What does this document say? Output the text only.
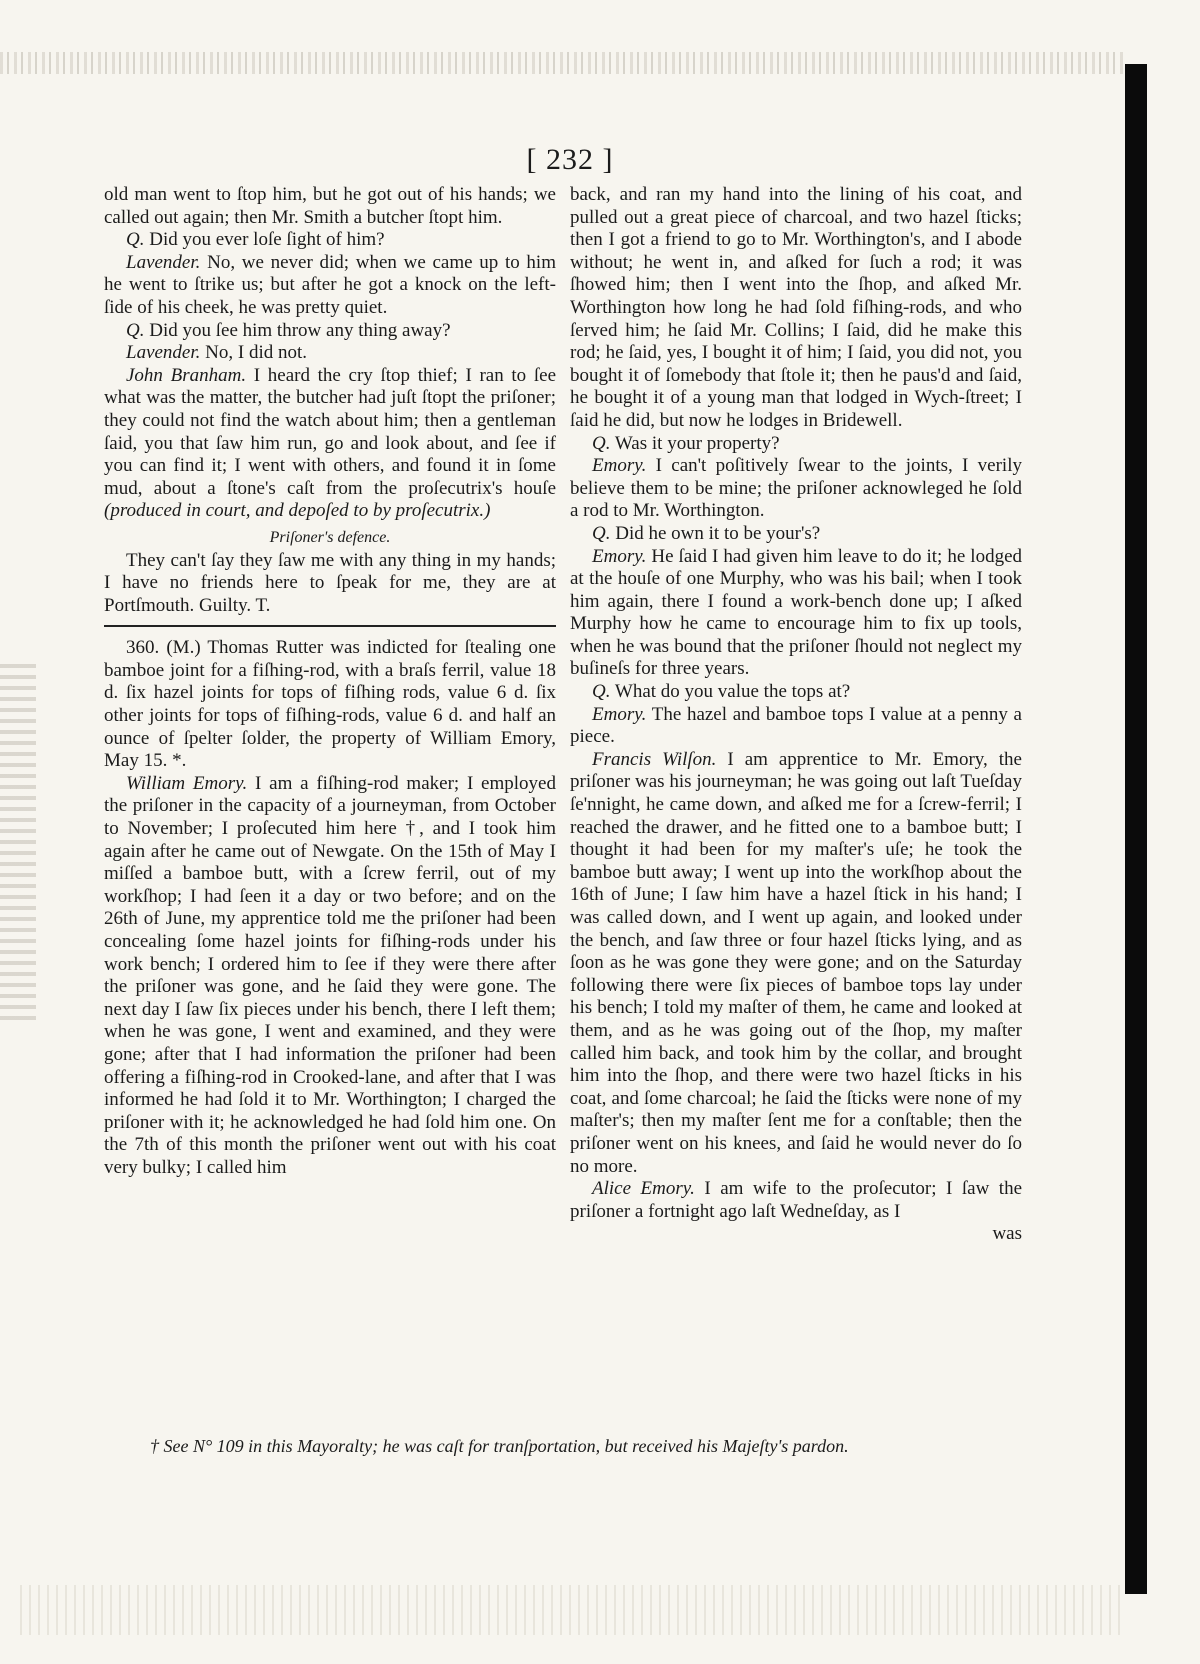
[ 232 ]

old man went to ſtop him, but he got out of his hands; we called out again; then Mr. Smith a butcher ſtopt him.

Q. Did you ever loſe ſight of him?

Lavender. No, we never did; when we came up to him he went to ſtrike us; but after he got a knock on the left-ſide of his cheek, he was pretty quiet.

Q. Did you ſee him throw any thing away?

Lavender. No, I did not.

John Branham. I heard the cry ſtop thief; I ran to ſee what was the matter, the butcher had juſt ſtopt the priſoner; they could not find the watch about him; then a gentleman ſaid, you that ſaw him run, go and look about, and ſee if you can find it; I went with others, and found it in ſome mud, about a ſtone's caſt from the proſecutrix's houſe (produced in court, and depoſed to by proſecutrix.)

Priſoner's defence.

They can't ſay they ſaw me with any thing in my hands; I have no friends here to ſpeak for me, they are at Portſmouth. Guilty. T.

360. (M.) Thomas Rutter was indicted for ſtealing one bamboe joint for a fiſhing-rod, with a braſs ferril, value 18 d. ſix hazel joints for tops of fiſhing rods, value 6 d. ſix other joints for tops of fiſhing-rods, value 6 d. and half an ounce of ſpelter ſolder, the property of William Emory, May 15. *.

William Emory. I am a fiſhing-rod maker; I employed the priſoner in the capacity of a journeyman, from October to November; I proſecuted him here †, and I took him again after he came out of Newgate. On the 15th of May I miſſed a bamboe butt, with a ſcrew ferril, out of my workſhop; I had ſeen it a day or two before; and on the 26th of June, my apprentice told me the priſoner had been concealing ſome hazel joints for fiſhing-rods under his work bench; I ordered him to ſee if they were there after the priſoner was gone, and he ſaid they were gone. The next day I ſaw ſix pieces under his bench, there I left them; when he was gone, I went and examined, and they were gone; after that I had information the priſoner had been offering a fiſhing-rod in Crooked-lane, and after that I was informed he had ſold it to Mr. Worthington; I charged the priſoner with it; he acknowledged he had ſold him one. On the 7th of this month the priſoner went out with his coat very bulky; I called him

back, and ran my hand into the lining of his coat, and pulled out a great piece of charcoal, and two hazel ſticks; then I got a friend to go to Mr. Worthington's, and I abode without; he went in, and aſked for ſuch a rod; it was ſhowed him; then I went into the ſhop, and aſked Mr. Worthington how long he had ſold fiſhing-rods, and who ſerved him; he ſaid Mr. Collins; I ſaid, did he make this rod; he ſaid, yes, I bought it of him; I ſaid, you did not, you bought it of ſomebody that ſtole it; then he paus'd and ſaid, he bought it of a young man that lodged in Wych-ſtreet; I ſaid he did, but now he lodges in Bridewell.

Q. Was it your property?

Emory. I can't poſitively ſwear to the joints, I verily believe them to be mine; the priſoner acknowleged he ſold a rod to Mr. Worthington.

Q. Did he own it to be your's?

Emory. He ſaid I had given him leave to do it; he lodged at the houſe of one Murphy, who was his bail; when I took him again, there I found a work-bench done up; I aſked Murphy how he came to encourage him to fix up tools, when he was bound that the priſoner ſhould not neglect my buſineſs for three years.

Q. What do you value the tops at?

Emory. The hazel and bamboe tops I value at a penny a piece.

Francis Wilſon. I am apprentice to Mr. Emory, the priſoner was his journeyman; he was going out laſt Tueſday ſe'nnight, he came down, and aſked me for a ſcrew-ferril; I reached the drawer, and he fitted one to a bamboe butt; I thought it had been for my maſter's uſe; he took the bamboe butt away; I went up into the workſhop about the 16th of June; I ſaw him have a hazel ſtick in his hand; I was called down, and I went up again, and looked under the bench, and ſaw three or four hazel ſticks lying, and as ſoon as he was gone they were gone; and on the Saturday following there were ſix pieces of bamboe tops lay under his bench; I told my maſter of them, he came and looked at them, and as he was going out of the ſhop, my maſter called him back, and took him by the collar, and brought him into the ſhop, and there were two hazel ſticks in his coat, and ſome charcoal; he ſaid the ſticks were none of my maſter's; then my maſter ſent me for a conſtable; then the priſoner went on his knees, and ſaid he would never do ſo no more.

Alice Emory. I am wife to the proſecutor; I ſaw the priſoner a fortnight ago laſt Wedneſday, as I

was

† See N° 109 in this Mayoralty; he was caſt for tranſportation, but received his Majeſty's pardon.
